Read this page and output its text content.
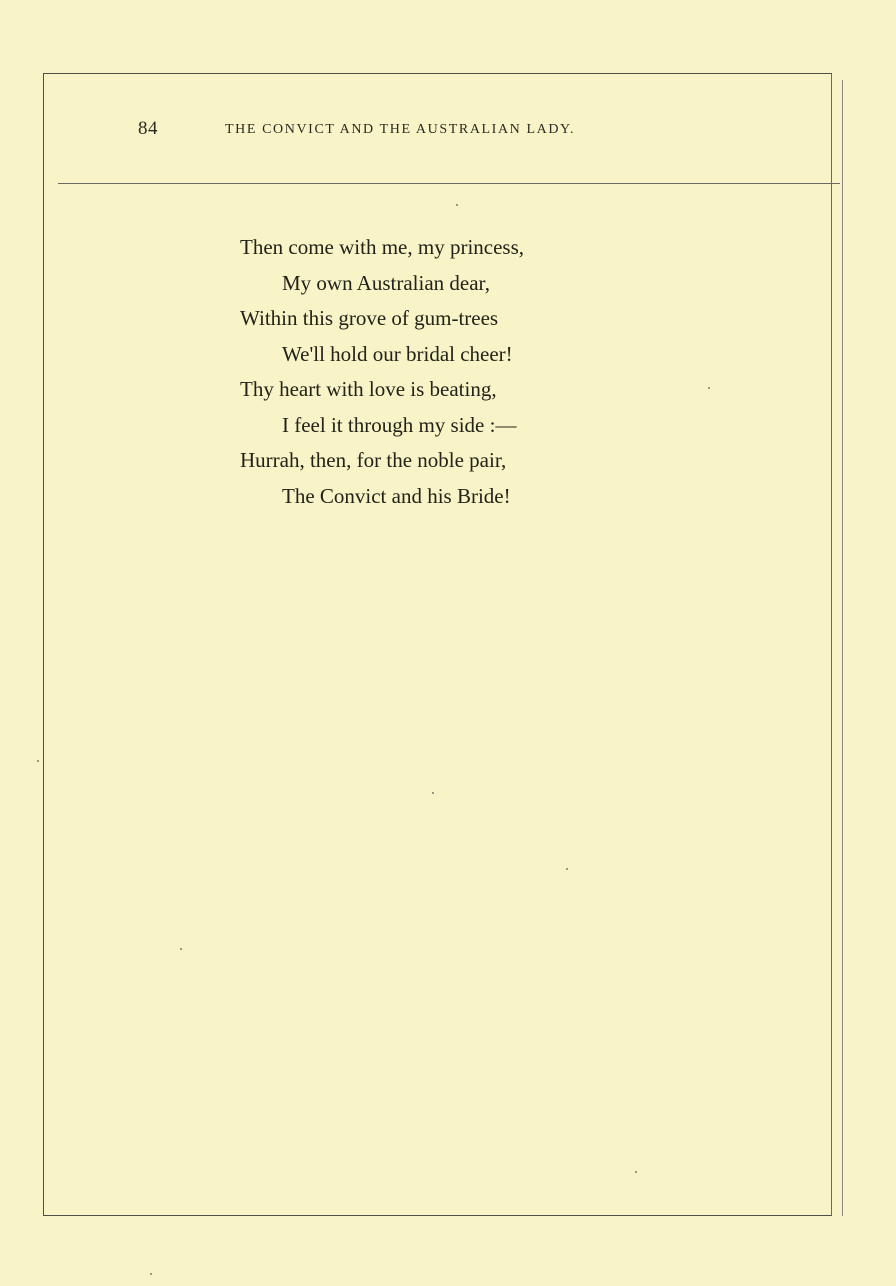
84	THE CONVICT AND THE AUSTRALIAN LADY.
Then come with me, my princess,
My own Australian dear,
Within this grove of gum-trees
We'll hold our bridal cheer!
Thy heart with love is beating,
I feel it through my side :—
Hurrah, then, for the noble pair,
The Convict and his Bride!
